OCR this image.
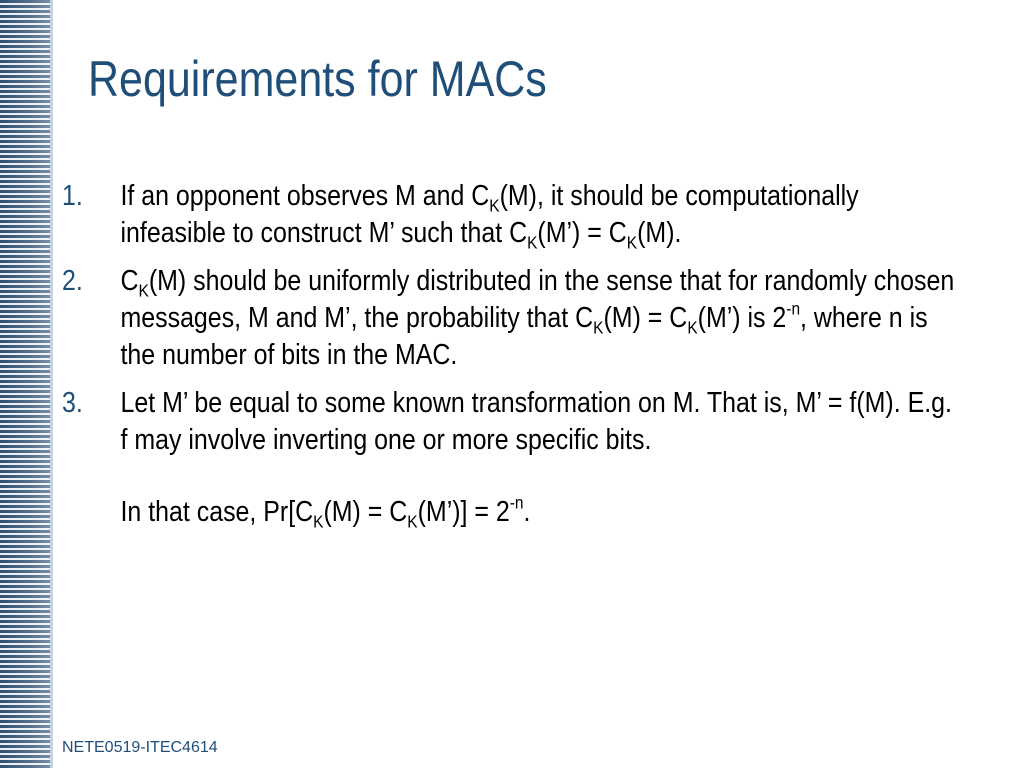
Requirements for MACs
1.	If an opponent observes M and $C_K(M)$, it should be computationally infeasible to construct M’ such that $C_K(M’) = C_K(M)$.
2.	$C_K(M)$ should be uniformly distributed in the sense that for randomly chosen messages, M and M’, the probability that $C_K(M)$ = $C_K(M’)$ is $2^{-n}$, where n is the number of bits in the MAC.
3.	Let M’ be equal to some known transformation on M. That is, M’ = f(M). E.g. f may involve inverting one or more specific bits.
In that case, $Pr[C_K(M)$ = $C_K(M’)] = 2^{-n}$.
NETE0519-ITEC4614
